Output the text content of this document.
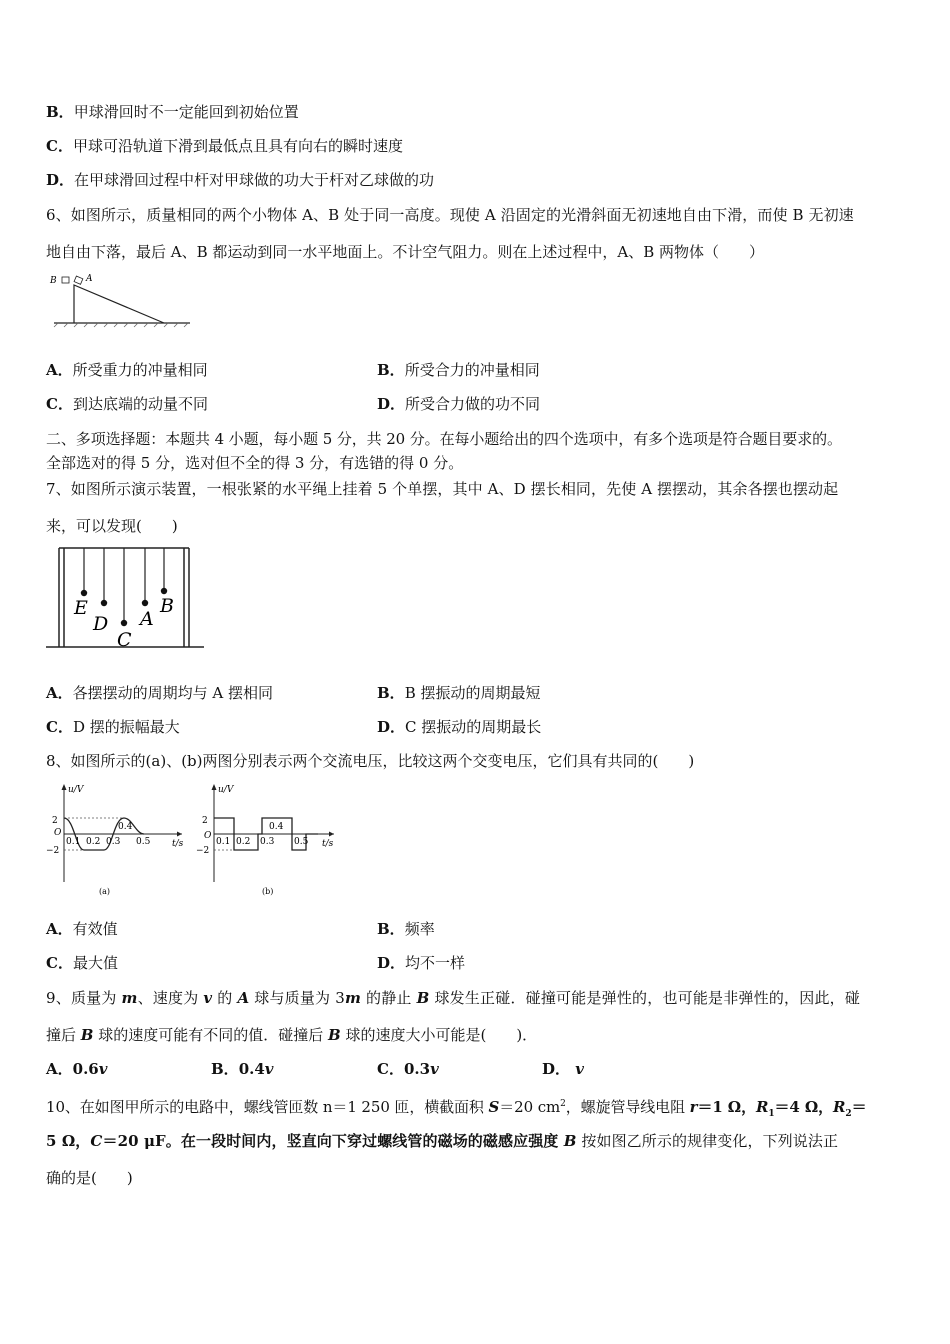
B．甲球滑回时不一定能回到初始位置
C．甲球可沿轨道下滑到最低点且具有向右的瞬时速度
D．在甲球滑回过程中杆对甲球做的功大于杆对乙球做的功
6、如图所示，质量相同的两个小物体 A、B 处于同一高度。现使 A 沿固定的光滑斜面无初速地自由下滑，而使 B 无初速
地自由下落，最后 A、B 都运动到同一水平地面上。不计空气阻力。则在上述过程中，A、B 两物体（　　）
B	A
A．所受重力的冲量相同	B．所受合力的冲量相同
C．到达底端的动量不同	D．所受合力做的功不同
二、多项选择题：本题共 4 小题，每小题 5 分，共 20 分。在每小题给出的四个选项中，有多个选项是符合题目要求的。
全部选对的得 5 分，选对但不全的得 3 分，有选错的得 0 分。
7、如图所示演示装置，一根张紧的水平绳上挂着 5 个单摆，其中 A、D 摆长相同，先使 A 摆摆动，其余各摆也摆动起
来，可以发现(　　)
E
D
C
A
B
A．各摆摆动的周期均与 A 摆相同	B．B 摆振动的周期最短
C．D 摆的振幅最大	D．C 摆振动的周期最长
8、如图所示的(a)、(b)两图分别表示两个交流电压，比较这两个交变电压，它们具有共同的(　　)
u/V
t/s
2
O
−2
0.1 0.2 0.3
0.4
0.5
(a)
u/V
t/s
2
O
−2
0.1 0.2 0.3
0.4
0.5
(b)
A．有效值	B．频率
C．最大值	D．均不一样
9、质量为 m、速度为 v 的 A 球与质量为 3m 的静止 B 球发生正碰．碰撞可能是弹性的，也可能是非弹性的，因此，碰
撞后 B 球的速度可能有不同的值．碰撞后 B 球的速度大小可能是(　　)．
A．0.6v	B．0.4v	C．0.3v	D． v
10、在如图甲所示的电路中，螺线管匝数 n＝1 250 匝，横截面积 S＝20 $cm^2$，螺旋管导线电阻 r＝1 Ω，$R_1=4$ Ω，$R_2=$
5 Ω，C＝20 μF。在一段时间内，竖直向下穿过螺线管的磁场的磁感应强度 B 按如图乙所示的规律变化，下列说法正
确的是(　　)
